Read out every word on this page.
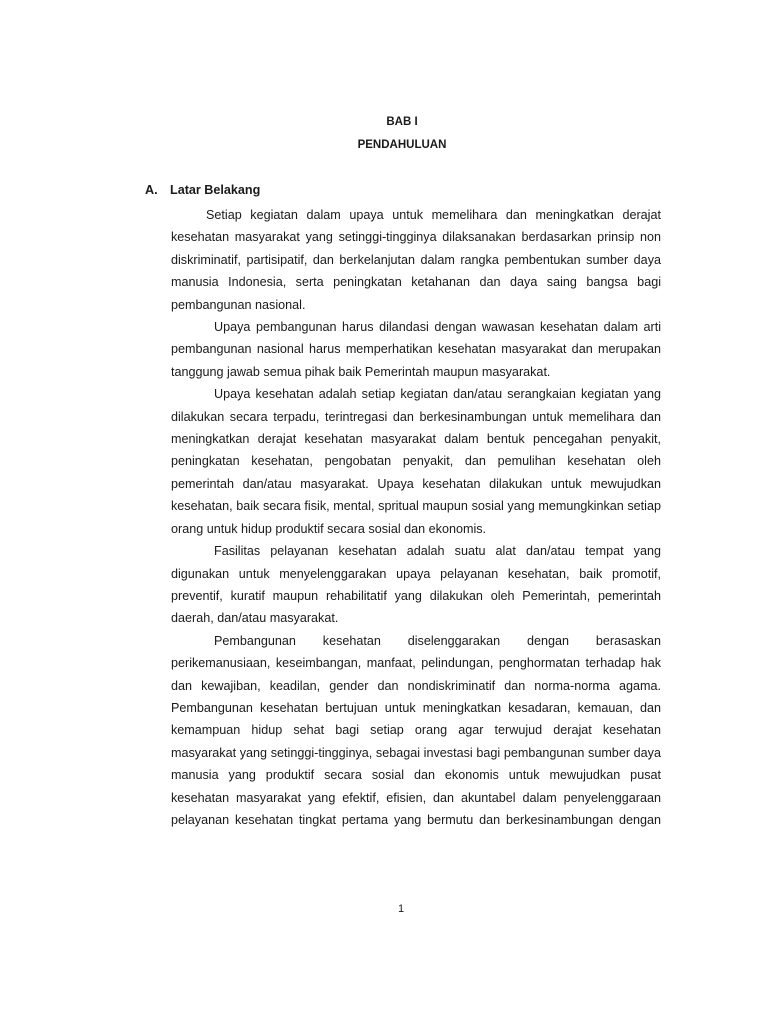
BAB I
PENDAHULUAN
A. Latar Belakang

Setiap kegiatan dalam upaya untuk memelihara dan meningkatkan derajat kesehatan masyarakat yang setinggi-tingginya dilaksanakan berdasarkan prinsip non diskriminatif, partisipatif, dan berkelanjutan dalam rangka pembentukan sumber daya manusia Indonesia, serta peningkatan ketahanan dan daya saing bangsa bagi pembangunan nasional.

Upaya pembangunan harus dilandasi dengan wawasan kesehatan dalam arti pembangunan nasional harus memperhatikan kesehatan masyarakat dan merupakan tanggung jawab semua pihak baik Pemerintah maupun masyarakat.

Upaya kesehatan adalah setiap kegiatan dan/atau serangkaian kegiatan yang dilakukan secara terpadu, terintregasi dan berkesinambungan untuk memelihara dan meningkatkan derajat kesehatan masyarakat dalam bentuk pencegahan penyakit, peningkatan kesehatan, pengobatan penyakit, dan pemulihan kesehatan oleh pemerintah dan/atau masyarakat. Upaya kesehatan dilakukan untuk mewujudkan kesehatan, baik secara fisik, mental, spritual maupun sosial yang memungkinkan setiap orang untuk hidup produktif secara sosial dan ekonomis.

Fasilitas pelayanan kesehatan adalah suatu alat dan/atau tempat yang digunakan untuk menyelenggarakan upaya pelayanan kesehatan, baik promotif, preventif, kuratif maupun rehabilitatif yang dilakukan oleh Pemerintah, pemerintah daerah, dan/atau masyarakat.

Pembangunan kesehatan diselenggarakan dengan berasaskan perikemanusiaan, keseimbangan, manfaat, pelindungan, penghormatan terhadap hak dan kewajiban, keadilan, gender dan nondiskriminatif dan norma-norma agama. Pembangunan kesehatan bertujuan untuk meningkatkan kesadaran, kemauan, dan kemampuan hidup sehat bagi setiap orang agar terwujud derajat kesehatan masyarakat yang setinggi-tingginya, sebagai investasi bagi pembangunan sumber daya manusia yang produktif secara sosial dan ekonomis untuk mewujudkan pusat kesehatan masyarakat yang efektif, efisien, dan akuntabel dalam penyelenggaraan pelayanan kesehatan tingkat pertama yang bermutu dan berkesinambungan dengan

1
